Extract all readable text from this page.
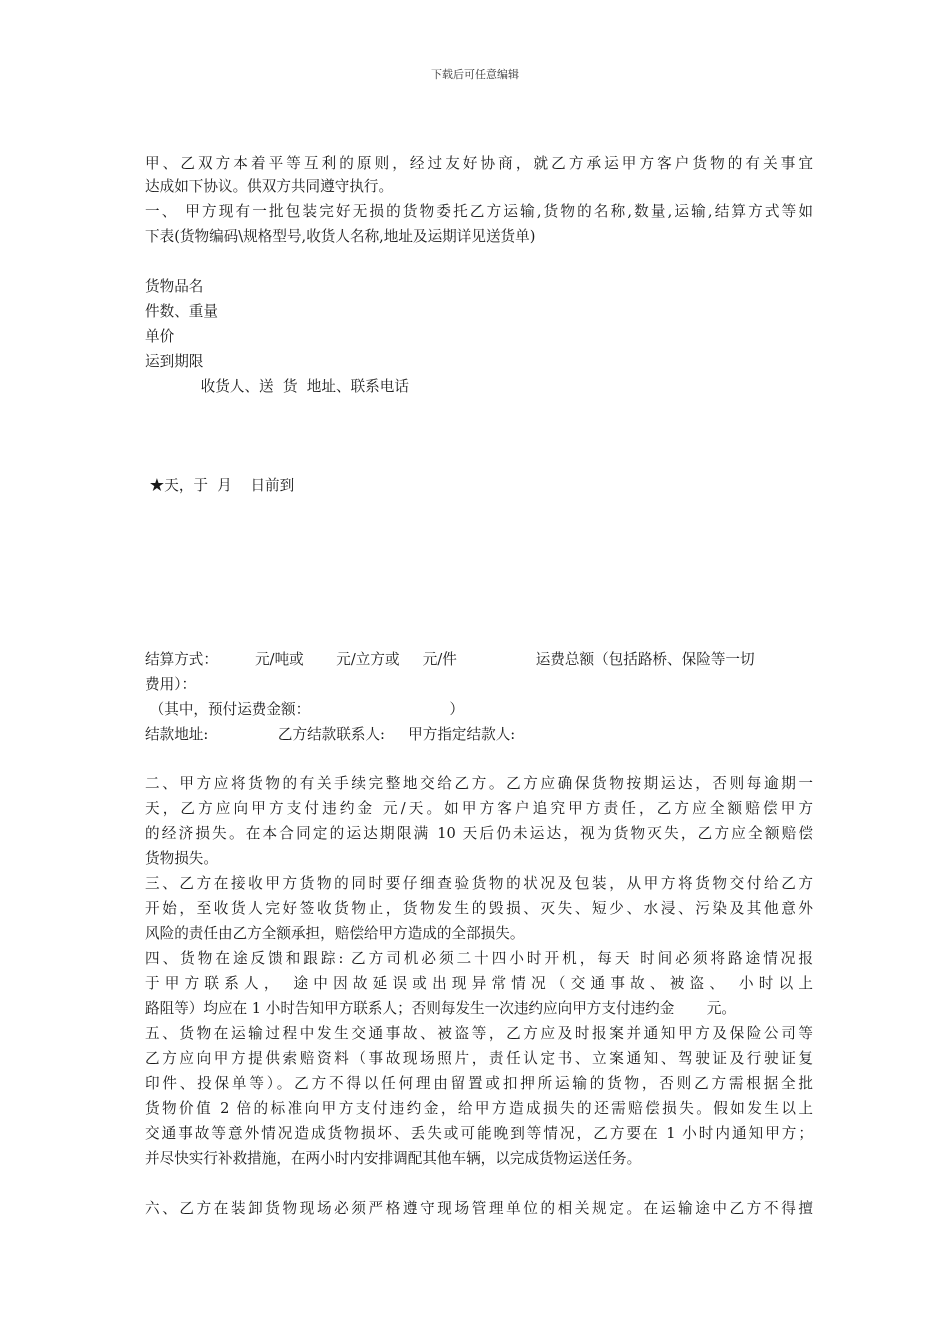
下载后可任意编辑
甲、乙双方本着平等互利的原则，经过友好协商，就乙方承运甲方客户货物的有关事宜
达成如下协议。供双方共同遵守执行。
一、 甲方现有一批包装完好无损的货物委托乙方运输,货物的名称,数量,运输,结算方式等如
下表(货物编码\规格型号,收货人名称,地址及运期详见送货单)
货物品名
件数、重量
单价
运到期限
收货人、送  货  地址、联系电话
★天，于  月    日前到
结算方式：        元/吨或       元/立方或     元/件                 运费总额（包括路桥、保险等一切
费用）：
（其中，预付运费金额：                              ）
结款地址:               乙方结款联系人:     甲方指定结款人:
二、甲方应将货物的有关手续完整地交给乙方。乙方应确保货物按期运达，否则每逾期一
天，乙方应向甲方支付违约金 元/天。如甲方客户追究甲方责任，乙方应全额赔偿甲方
的经济损失。在本合同定的运达期限满 10 天后仍未运达，视为货物灭失，乙方应全额赔偿
货物损失。
三、乙方在接收甲方货物的同时要仔细查验货物的状况及包装，从甲方将货物交付给乙方
开始，至收货人完好签收货物止，货物发生的毁损、灭失、短少、水浸、污染及其他意外
风险的责任由乙方全额承担，赔偿给甲方造成的全部损失。
四、货物在途反馈和跟踪: 乙方司机必须二十四小时开机，每天 时间必须将路途情况报
于甲方联系人， 途中因故延误或出现异常情况（交通事故、被盗、 小时以上
路阻等）均应在 1 小时告知甲方联系人；否则每发生一次违约应向甲方支付违约金       元。
五、货物在运输过程中发生交通事故、被盗等，乙方应及时报案并通知甲方及保险公司等
乙方应向甲方提供索赔资料（事故现场照片，责任认定书、立案通知、驾驶证及行驶证复
印件、投保单等）。乙方不得以任何理由留置或扣押所运输的货物，否则乙方需根据全批
货物价值 2 倍的标准向甲方支付违约金，给甲方造成损失的还需赔偿损失。假如发生以上
交通事故等意外情况造成货物损坏、丢失或可能晚到等情况，乙方要在 1 小时内通知甲方；
并尽快实行补救措施，在两小时内安排调配其他车辆，以完成货物运送任务。
六、乙方在装卸货物现场必须严格遵守现场管理单位的相关规定。在运输途中乙方不得擅
